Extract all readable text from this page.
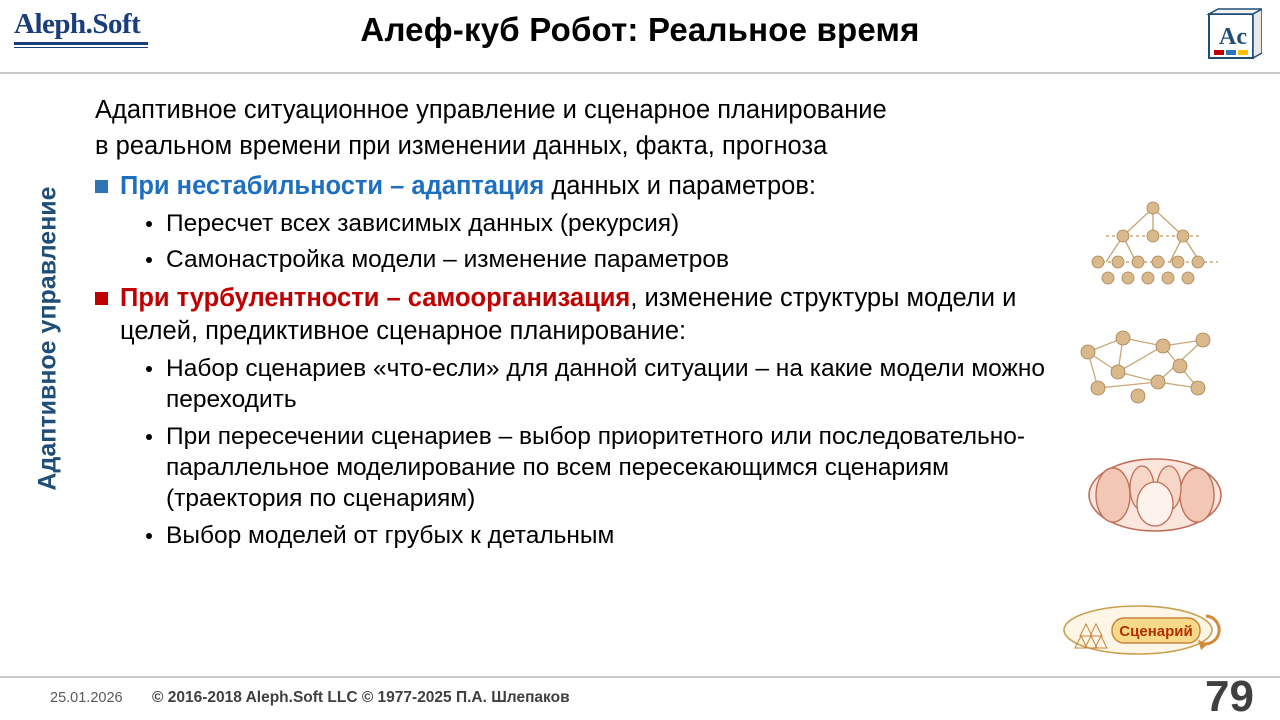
Aleph.Soft	Алеф-куб Робот: Реальное время	Ac
Адаптивное управление
Адаптивное ситуационное управление и сценарное планирование
в реальном времени при изменении данных, факта, прогноза
При нестабильности – адаптация данных и параметров:
Пересчет всех зависимых данных (рекурсия)
Самонастройка модели – изменение параметров
При турбулентности – самоорганизация, изменение структуры модели и целей, предиктивное сценарное планирование:
Набор сценариев «что-если» для данной ситуации – на какие модели можно переходить
При пересечении сценариев – выбор приоритетного или последовательно-параллельное моделирование по всем пересекающимся сценариям (траектория по сценариям)
Выбор моделей от грубых к детальным
Сценарий
25.01.2026 © 2016-2018 Aleph.Soft LLC © 1977-2025 П.А. Шлепаков	79
